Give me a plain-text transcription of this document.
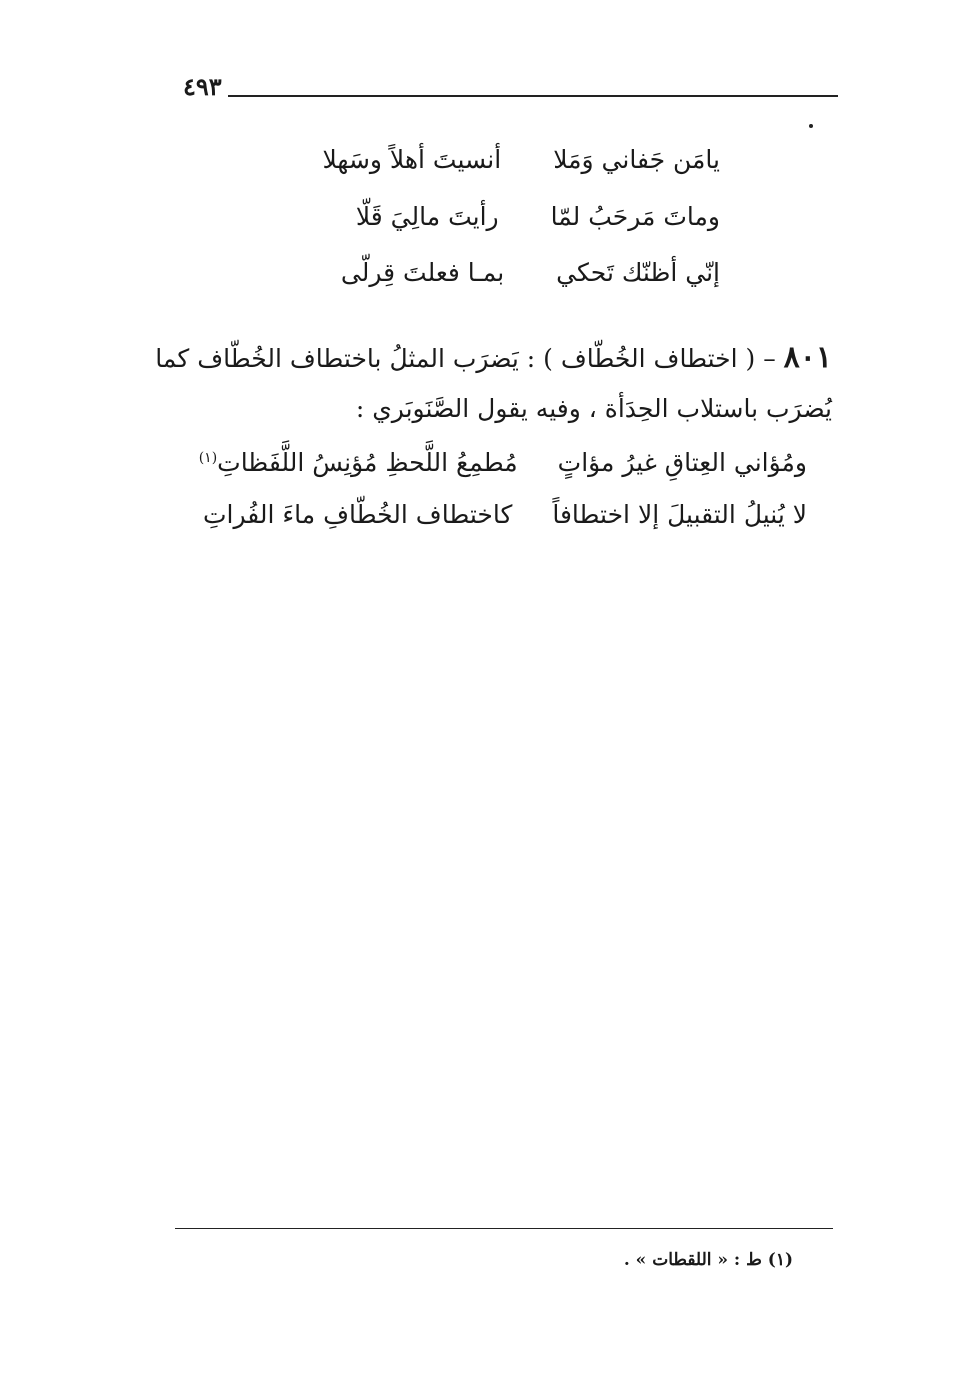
٤٩٣
يامَن جَفاني وَمَلا
أنسيتَ أهلاً وسَهلا
وماتَ مَرحَبُ لمّا
رأيتَ مالِيَ قَلّا
إنّي أظنّك تَحكي
بمـا فعلتَ قِرلّى
٨٠١ – ( اختطاف الخُطّاف ) : يَضرَب المثلُ باختطاف الخُطّاف كما
يُضرَب باستلاب الحِدَأة ، وفيه يقول الصَّنَوبَري :
ومُؤاني العِتاقِ غيرُ مؤاتٍ
مُطمِعُ اللَّحظِ مُؤنِسُ اللَّفَظاتِ(١)
لا يُنيلُ التقبيلَ إلا اختطافاً
كاختطاف الخُطّافِ ماءَ الفُراتِ
(١) ط : « اللقطات » .
